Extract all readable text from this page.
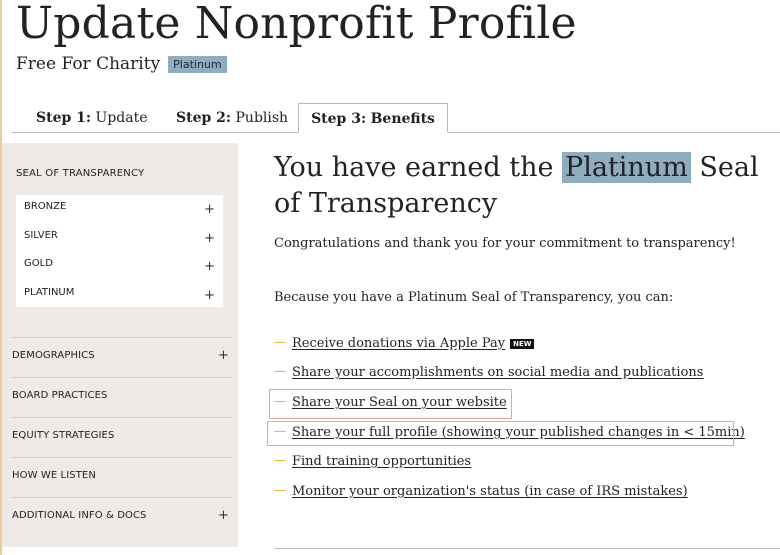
Update Nonprofit Profile
Free For Charity	Platinum
Step 1: Update Step 2: Publish	Step 3: Benefits
SEAL OF TRANSPARENCY
BRONZE	+
SILVER	+
GOLD	+
PLATINUM	+
DEMOGRAPHICS	+
BOARD PRACTICES
EQUITY STRATEGIES
HOW WE LISTEN
ADDITIONAL INFO & DOCS	+
You have earned the Platinum Seal of Transparency

Congratulations and thank you for your commitment to transparency!

Because you have a Platinum Seal of Transparency, you can:

Receive donations via Apple Pay NEW
Share your accomplishments on social media and publications
Share your Seal on your website
Share your full profile (showing your published changes in < 15min)
Find training opportunities
Monitor your organization's status (in case of IRS mistakes)
